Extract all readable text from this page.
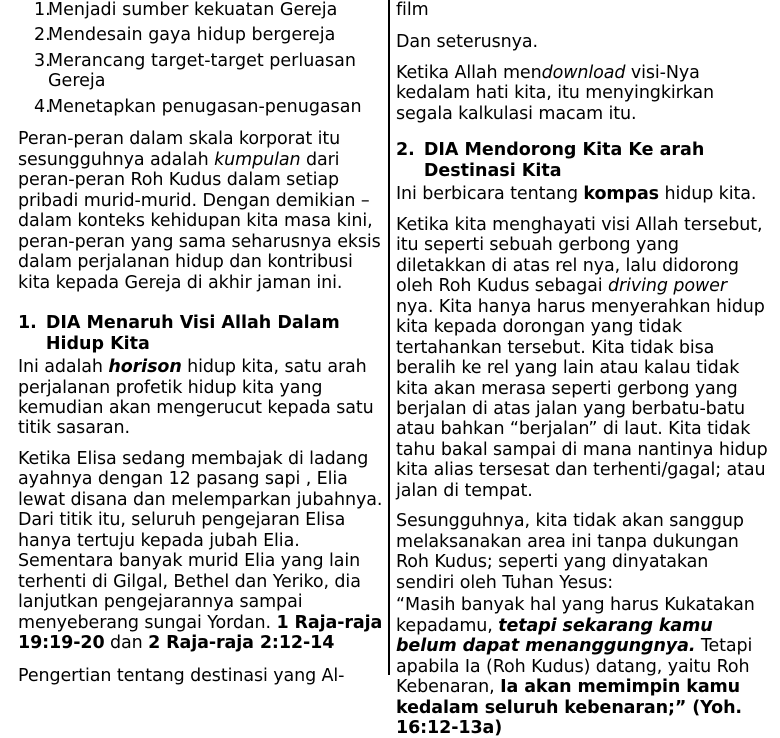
1.
Menjadi sumber kekuatan Gereja
2.
Mendesain gaya hidup bergereja
3.
Merancang target-target perluasan Gereja
4.
Menetapkan penugasan-penugasan

Peran-peran dalam skala korporat itu sesungguhnya adalah kumpulan dari peran-peran Roh Kudus dalam setiap pribadi murid-murid. Dengan demikian – dalam konteks kehidupan kita masa kini, peran-peran yang sama seharusnya eksis dalam perjalanan hidup dan kontribusi kita kepada Gereja di akhir jaman ini.

1. DIA Menaruh Visi Allah Dalam Hidup Kita

Ini adalah horison hidup kita, satu arah perjalanan profetik hidup kita yang kemudian akan mengerucut kepada satu titik sasaran.

Ketika Elisa sedang membajak di ladang ayahnya dengan 12 pasang sapi , Elia lewat disana dan melemparkan jubahnya. Dari titik itu, seluruh pengejaran Elisa hanya tertuju kepada jubah Elia. Sementara banyak murid Elia yang lain terhenti di Gilgal, Bethel dan Yeriko, dia lanjutkan pengejarannya sampai menyeberang sungai Yordan. 1 Raja-raja 19:19-20 dan 2 Raja-raja 2:12-14

Pengertian tentang destinasi yang Al-

film

Dan seterusnya.

Ketika Allah mendownload visi-Nya kedalam hati kita, itu menyingkirkan segala kalkulasi macam itu.

2. DIA Mendorong Kita Ke arah Destinasi Kita

Ini berbicara tentang kompas hidup kita.

Ketika kita menghayati visi Allah tersebut, itu seperti sebuah gerbong yang diletakkan di atas rel nya, lalu didorong oleh Roh Kudus sebagai driving power nya. Kita hanya harus menyerahkan hidup kita kepada dorongan yang tidak tertahankan tersebut. Kita tidak bisa beralih ke rel yang lain atau kalau tidak kita akan merasa seperti gerbong yang berjalan di atas jalan yang berbatu-batu atau bahkan “berjalan” di laut. Kita tidak tahu bakal sampai di mana nantinya hidup kita alias tersesat dan terhenti/gagal; atau jalan di tempat.

Sesungguhnya, kita tidak akan sanggup melaksanakan area ini tanpa dukungan Roh Kudus; seperti yang dinyatakan sendiri oleh Tuhan Yesus:

“Masih banyak hal yang harus Kukatakan kepadamu, tetapi sekarang kamu belum dapat menanggungnya. Tetapi apabila Ia (Roh Kudus) datang, yaitu Roh Kebenaran, Ia akan memimpin kamu kedalam seluruh kebenaran;” (Yoh. 16:12-13a)
